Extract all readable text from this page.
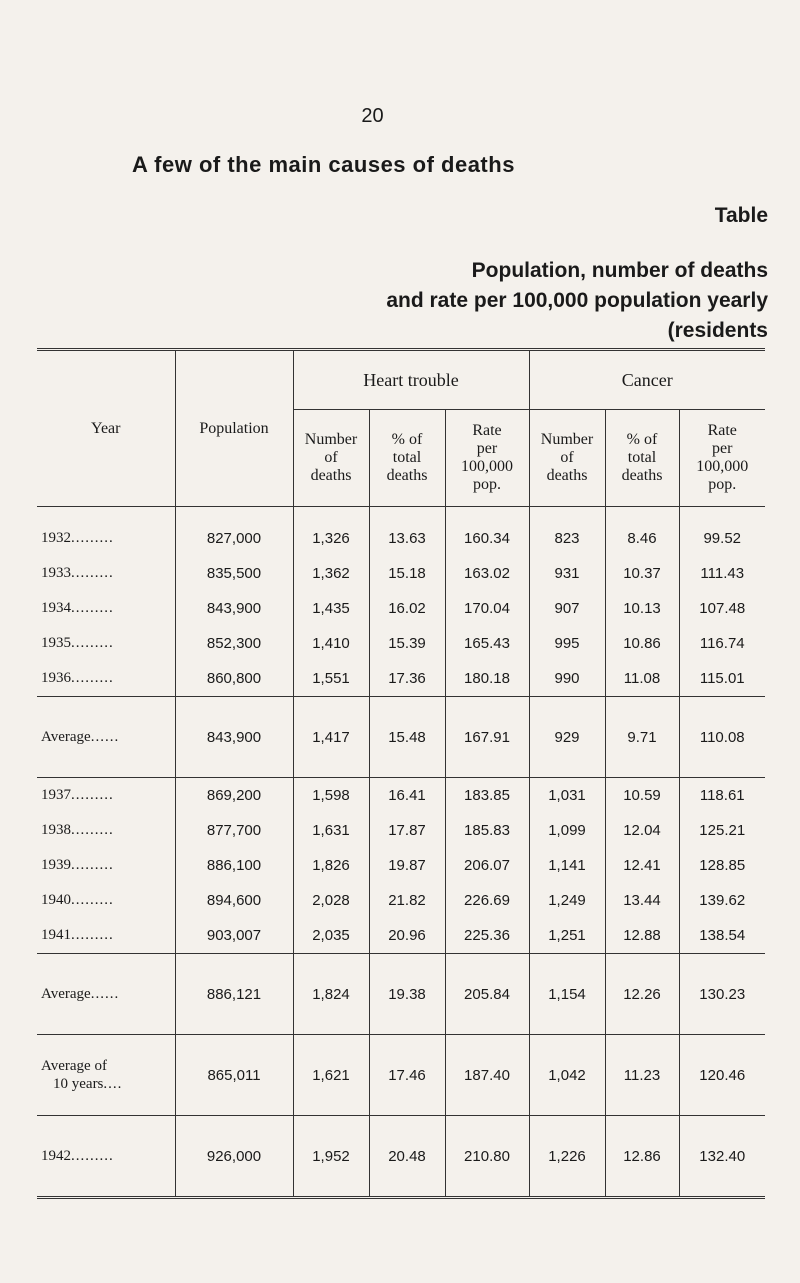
20
A few of the main causes of deaths
Table
Population, number of deaths
and rate per 100,000 population yearly
(residents
Year	Population	Heart trouble			Cancer		
		Number
of
deaths	% of
total
deaths	Rate
per
100,000
pop.	Number
of
deaths	% of
total
deaths	Rate
per
100,000
pop.
1932.........	827,000	1,326	13.63	160.34	823	8.46	99.52
1933.........	835,500	1,362	15.18	163.02	931	10.37	111.43
1934.........	843,900	1,435	16.02	170.04	907	10.13	107.48
1935.........	852,300	1,410	15.39	165.43	995	10.86	116.74
1936.........	860,800	1,551	17.36	180.18	990	11.08	115.01
Average......	843,900	1,417	15.48	167.91	929	9.71	110.08
1937.........	869,200	1,598	16.41	183.85	1,031	10.59	118.61
1938.........	877,700	1,631	17.87	185.83	1,099	12.04	125.21
1939.........	886,100	1,826	19.87	206.07	1,141	12.41	128.85
1940.........	894,600	2,028	21.82	226.69	1,249	13.44	139.62
1941.........	903,007	2,035	20.96	225.36	1,251	12.88	138.54
Average......	886,121	1,824	19.38	205.84	1,154	12.26	130.23
Average of
10 years....	865,011	1,621	17.46	187.40	1,042	11.23	120.46
1942.........	926,000	1,952	20.48	210.80	1,226	12.86	132.40
